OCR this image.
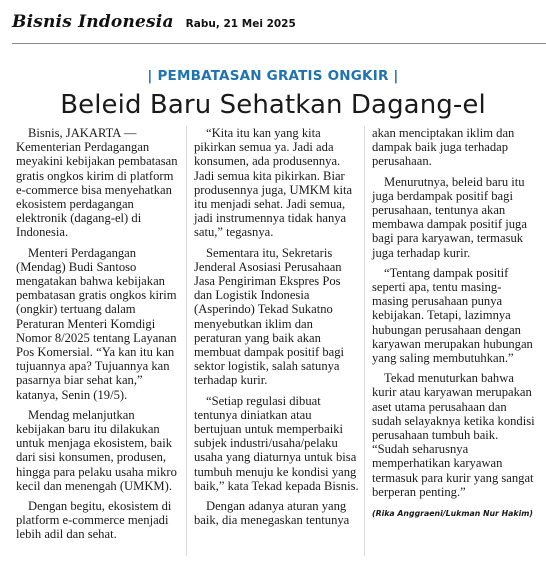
Bisnis Indonesia Rabu, 21 Mei 2025
| PEMBATASAN GRATIS ONGKIR |
Beleid Baru Sehatkan Dagang-el

Bisnis, JAKARTA — Kementerian Perdagangan meyakini kebijakan pembatasan gratis ongkos kirim di platform e-commerce bisa menyehatkan ekosistem perdagangan elektronik (dagang-el) di Indonesia.

Menteri Perdagangan (Mendag) Budi Santoso mengatakan bahwa kebijakan pembatasan gratis ongkos kirim (ongkir) tertuang dalam Peraturan Menteri Komdigi Nomor 8/2025 tentang Layanan Pos Komersial. “Ya kan itu kan tujuannya apa? Tujuannya kan pasarnya biar sehat kan,” katanya, Senin (19/5).

Mendag melanjutkan kebijakan baru itu dilakukan untuk menjaga ekosistem, baik dari sisi konsumen, produsen, hingga para pelaku usaha mikro kecil dan menengah (UMKM).

Dengan begitu, ekosistem di platform e-commerce menjadi lebih adil dan sehat.

“Kita itu kan yang kita pikirkan semua ya. Jadi ada konsumen, ada produsennya. Jadi semua kita pikirkan. Biar produsennya juga, UMKM kita itu menjadi sehat. Jadi semua, jadi instrumennya tidak hanya satu,” tegasnya.

Sementara itu, Sekretaris Jenderal Asosiasi Perusahaan Jasa Pengiriman Ekspres Pos dan Logistik Indonesia (Asperindo) Tekad Sukatno menyebutkan iklim dan peraturan yang baik akan membuat dampak positif bagi sektor logistik, salah satunya terhadap kurir.

“Setiap regulasi dibuat tentunya diniatkan atau bertujuan untuk memperbaiki subjek industri/usaha/pelaku usaha yang diaturnya untuk bisa tumbuh menuju ke kondisi yang baik,” kata Tekad kepada Bisnis.

Dengan adanya aturan yang baik, dia menegaskan tentunya

akan menciptakan iklim dan dampak baik juga terhadap perusahaan.

Menurutnya, beleid baru itu juga berdampak positif bagi perusahaan, tentunya akan membawa dampak positif juga bagi para karyawan, termasuk juga terhadap kurir.

“Tentang dampak positif seperti apa, tentu masing-masing perusahaan punya kebijakan. Tetapi, lazimnya hubungan perusahaan dengan karyawan merupakan hubungan yang saling membutuhkan.”

Tekad menuturkan bahwa kurir atau karyawan merupakan aset utama perusahaan dan sudah selayaknya ketika kondisi perusahaan tumbuh baik. “Sudah seharusnya memperhatikan karyawan termasuk para kurir yang sangat berperan penting.”

(Rika Anggraeni/Lukman Nur Hakim)
